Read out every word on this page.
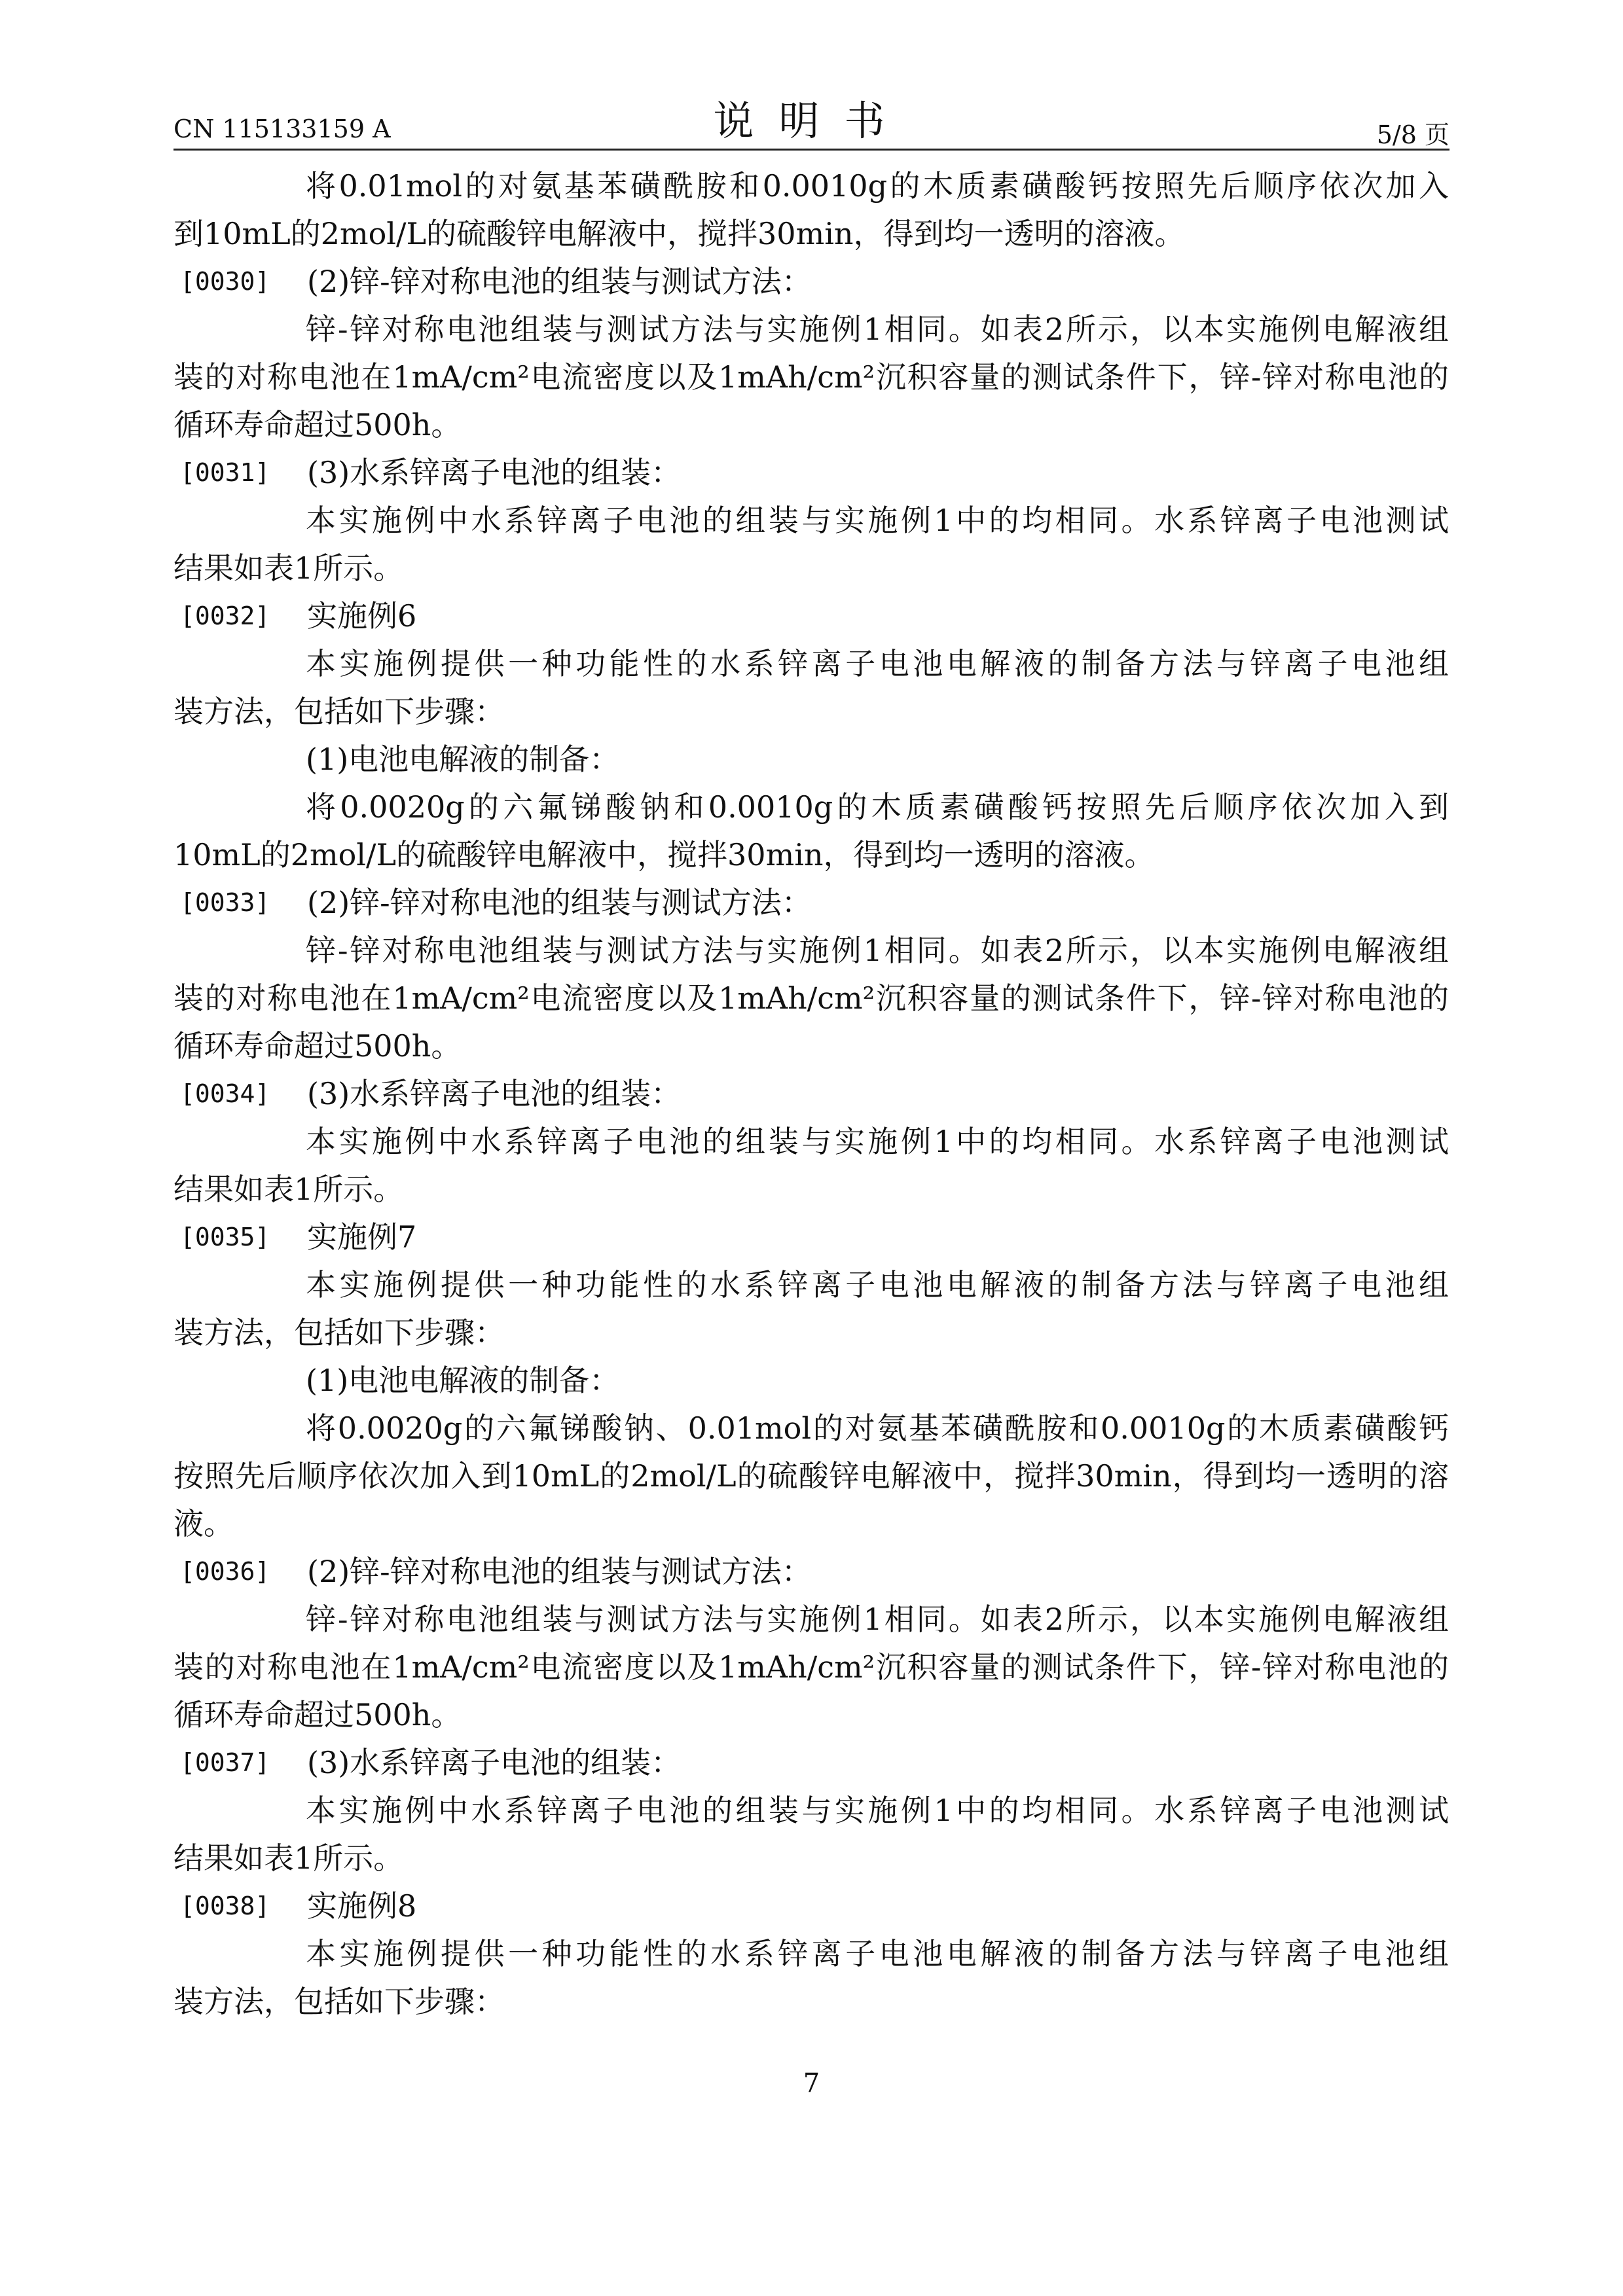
CN 115133159 A	说明书	5/8 页
将0.01mol的对氨基苯磺酰胺和0.0010g的木质素磺酸钙按照先后顺序依次加入
到10mL的2mol/L的硫酸锌电解液中，搅拌30min，得到均一透明的溶液。
[0030]	(2)锌-锌对称电池的组装与测试方法：
锌-锌对称电池组装与测试方法与实施例1相同。如表2所示，以本实施例电解液组
装的对称电池在1mA/cm²电流密度以及1mAh/cm²沉积容量的测试条件下，锌-锌对称电池的
循环寿命超过500h。
[0031]	(3)水系锌离子电池的组装：
本实施例中水系锌离子电池的组装与实施例1中的均相同。水系锌离子电池测试
结果如表1所示。
[0032]	实施例6
本实施例提供一种功能性的水系锌离子电池电解液的制备方法与锌离子电池组
装方法，包括如下步骤：
(1)电池电解液的制备：
将0.0020g的六氟锑酸钠和0.0010g的木质素磺酸钙按照先后顺序依次加入到
10mL的2mol/L的硫酸锌电解液中，搅拌30min，得到均一透明的溶液。
[0033]	(2)锌-锌对称电池的组装与测试方法：
锌-锌对称电池组装与测试方法与实施例1相同。如表2所示，以本实施例电解液组
装的对称电池在1mA/cm²电流密度以及1mAh/cm²沉积容量的测试条件下，锌-锌对称电池的
循环寿命超过500h。
[0034]	(3)水系锌离子电池的组装：
本实施例中水系锌离子电池的组装与实施例1中的均相同。水系锌离子电池测试
结果如表1所示。
[0035]	实施例7
本实施例提供一种功能性的水系锌离子电池电解液的制备方法与锌离子电池组
装方法，包括如下步骤：
(1)电池电解液的制备：
将0.0020g的六氟锑酸钠、0.01mol的对氨基苯磺酰胺和0.0010g的木质素磺酸钙
按照先后顺序依次加入到10mL的2mol/L的硫酸锌电解液中，搅拌30min，得到均一透明的溶
液。
[0036]	(2)锌-锌对称电池的组装与测试方法：
锌-锌对称电池组装与测试方法与实施例1相同。如表2所示，以本实施例电解液组
装的对称电池在1mA/cm²电流密度以及1mAh/cm²沉积容量的测试条件下，锌-锌对称电池的
循环寿命超过500h。
[0037]	(3)水系锌离子电池的组装：
本实施例中水系锌离子电池的组装与实施例1中的均相同。水系锌离子电池测试
结果如表1所示。
[0038]	实施例8
本实施例提供一种功能性的水系锌离子电池电解液的制备方法与锌离子电池组
装方法，包括如下步骤：
7
